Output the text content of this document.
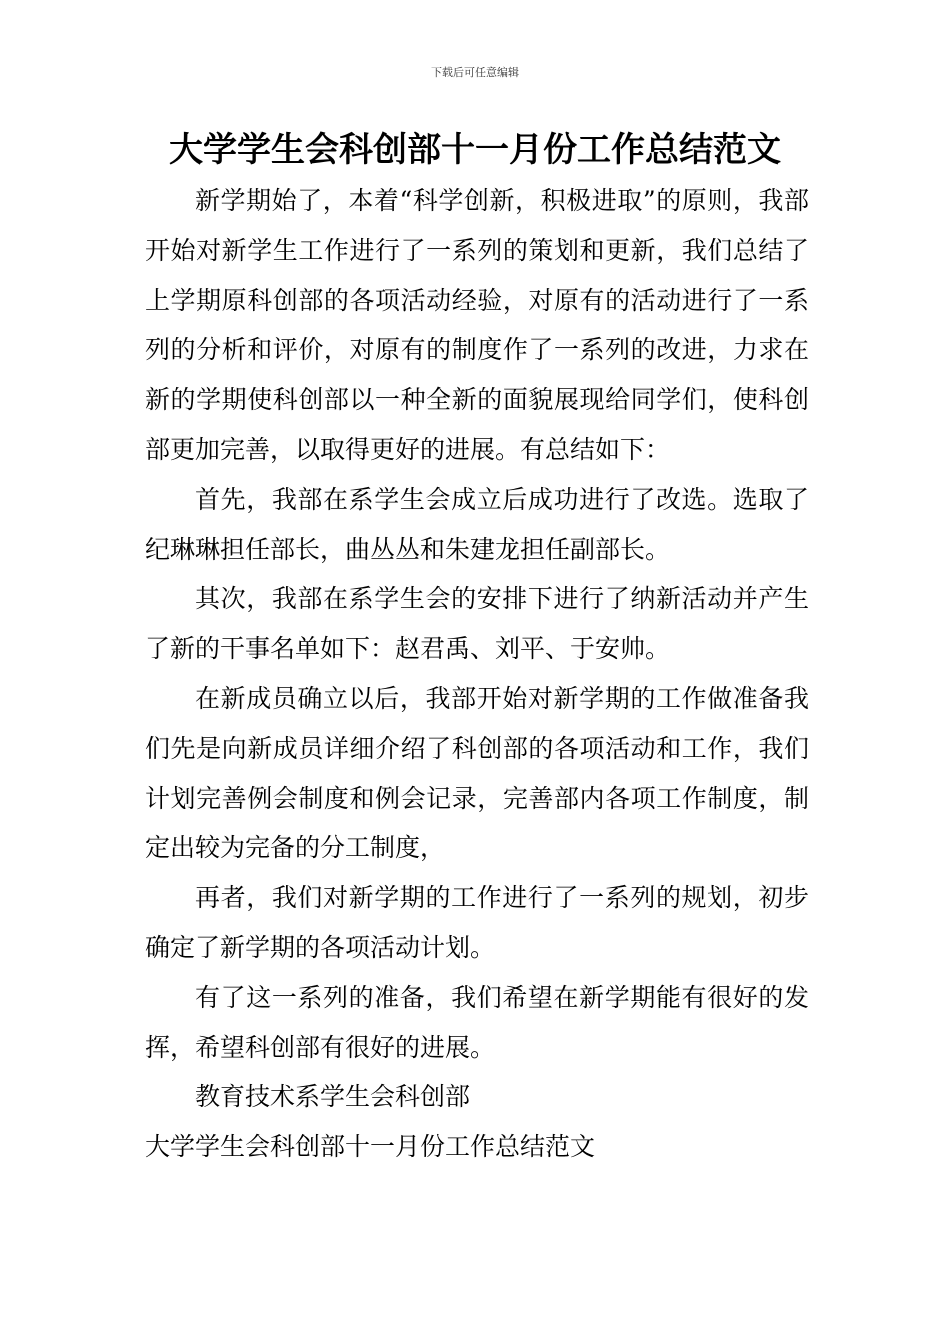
下载后可任意编辑
大学学生会科创部十一月份工作总结范文

新学期始了，本着“科学创新，积极进取”的原则，我部开始对新学生工作进行了一系列的策划和更新，我们总结了上学期原科创部的各项活动经验，对原有的活动进行了一系列的分析和评价，对原有的制度作了一系列的改进，力求在新的学期使科创部以一种全新的面貌展现给同学们，使科创部更加完善，以取得更好的进展。有总结如下：

首先，我部在系学生会成立后成功进行了改选。选取了纪琳琳担任部长，曲丛丛和朱建龙担任副部长。

其次，我部在系学生会的安排下进行了纳新活动并产生了新的干事名单如下：赵君禹、刘平、于安帅。

在新成员确立以后，我部开始对新学期的工作做准备我们先是向新成员详细介绍了科创部的各项活动和工作，我们计划完善例会制度和例会记录，完善部内各项工作制度，制定出较为完备的分工制度，

再者，我们对新学期的工作进行了一系列的规划，初步确定了新学期的各项活动计划。

有了这一系列的准备，我们希望在新学期能有很好的发挥，希望科创部有很好的进展。

教育技术系学生会科创部

大学学生会科创部十一月份工作总结范文
